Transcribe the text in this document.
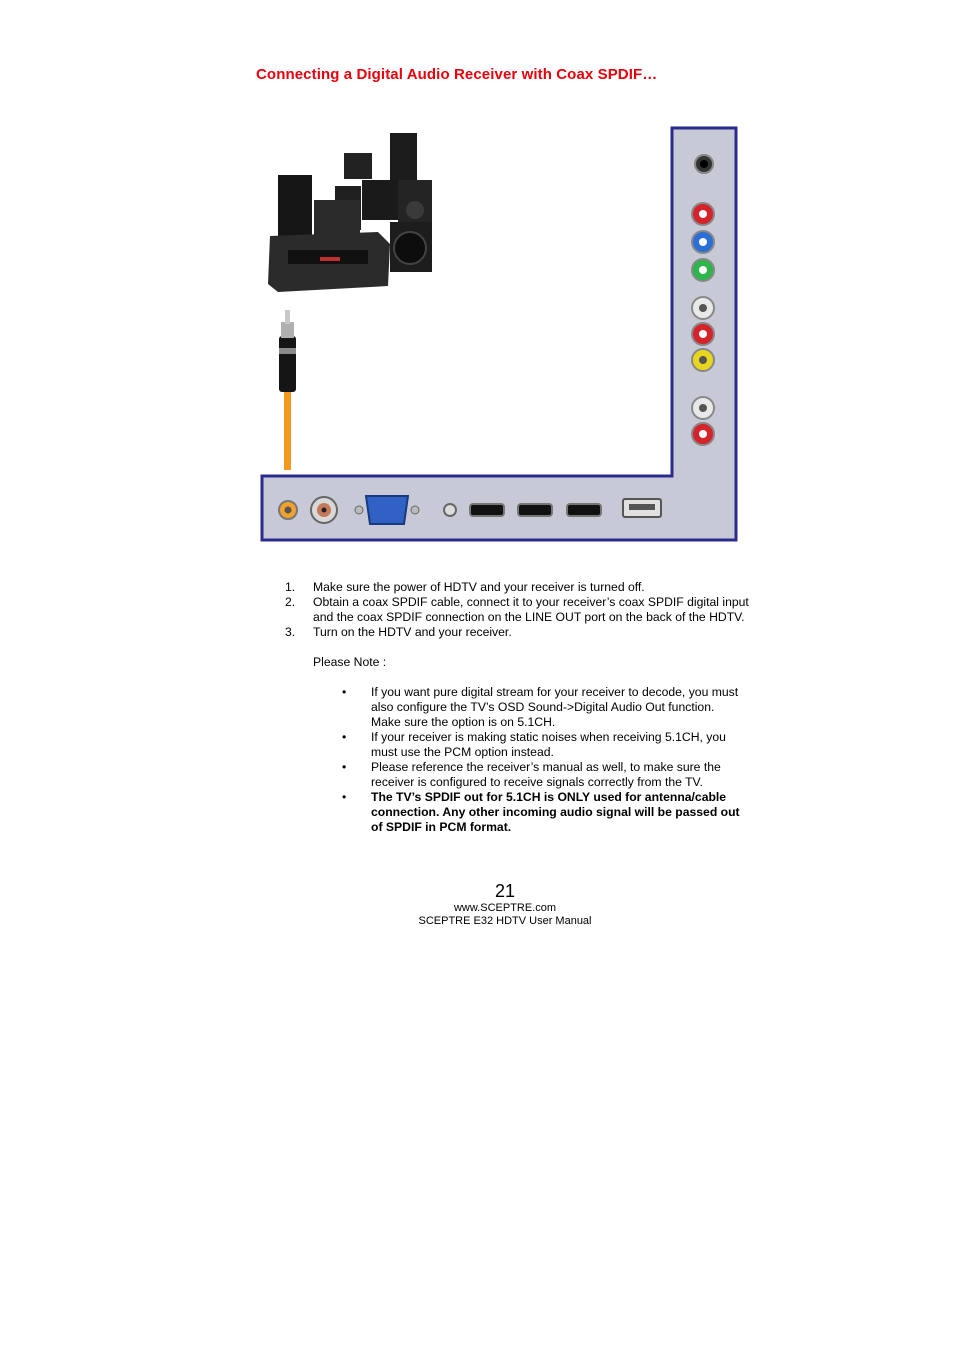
Connecting a Digital Audio Receiver with Coax SPDIF…
1.	Make sure the power of HDTV and your receiver is turned off.
2.	Obtain a coax SPDIF cable, connect it to your receiver’s coax SPDIF digital input and the coax SPDIF connection on the LINE OUT port on the back of the HDTV.
3.	Turn on the HDTV and your receiver.
Please Note :
•	If you want pure digital stream for your receiver to decode, you must also configure the TV’s OSD Sound->Digital Audio Out function. Make sure the option is on 5.1CH.
•	If your receiver is making static noises when receiving 5.1CH, you must use the PCM option instead.
•	Please reference the receiver’s manual as well, to make sure the receiver is configured to receive signals correctly from the TV.
•	The TV’s SPDIF out for 5.1CH is ONLY used for antenna/cable connection. Any other incoming audio signal will be passed out of SPDIF in PCM format.
21
www.SCEPTRE.com
SCEPTRE E32 HDTV User Manual
